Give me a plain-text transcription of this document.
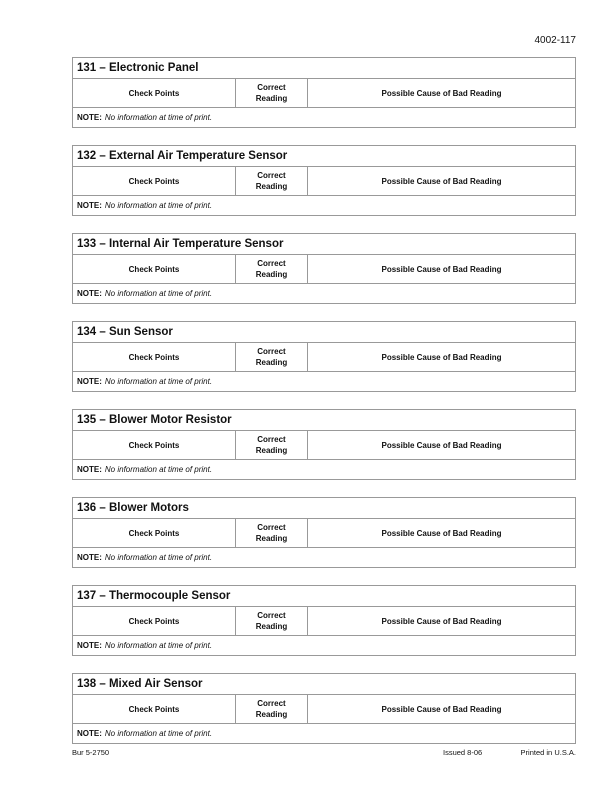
4002-117
131 – Electronic Panel
Check Points
Correct
Reading
Possible Cause of Bad Reading
NOTE: No information at time of print.
132 – External Air Temperature Sensor
Check Points
Correct
Reading
Possible Cause of Bad Reading
NOTE: No information at time of print.
133 – Internal Air Temperature Sensor
Check Points
Correct
Reading
Possible Cause of Bad Reading
NOTE: No information at time of print.
134 – Sun Sensor
Check Points
Correct
Reading
Possible Cause of Bad Reading
NOTE: No information at time of print.
135 – Blower Motor Resistor
Check Points
Correct
Reading
Possible Cause of Bad Reading
NOTE: No information at time of print.
136 – Blower Motors
Check Points
Correct
Reading
Possible Cause of Bad Reading
NOTE: No information at time of print.
137 – Thermocouple Sensor
Check Points
Correct
Reading
Possible Cause of Bad Reading
NOTE: No information at time of print.
138 – Mixed Air Sensor
Check Points
Correct
Reading
Possible Cause of Bad Reading
NOTE: No information at time of print.
Bur 5-2750	Issued 8-06	Printed in U.S.A.
